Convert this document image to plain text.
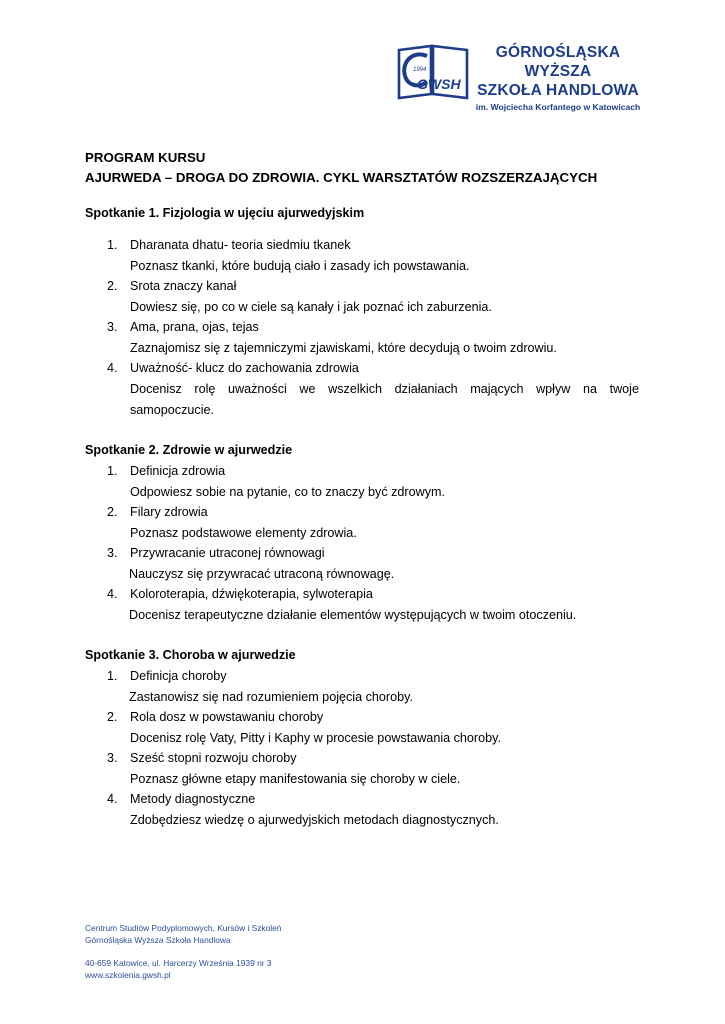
GWSH
1994
GÓRNOŚLĄSKA WYŻSZA
SZKOŁA HANDLOWA
im. Wojciecha Korfantego w Katowicach
PROGRAM KURSU
AJURWEDA – DROGA DO ZDROWIA. CYKL WARSZTATÓW ROZSZERZAJĄCYCH
Spotkanie 1. Fizjologia w ujęciu ajurwedyjskim
1. Dharanata dhatu- teoria siedmiu tkanek
Poznasz tkanki, które budują ciało i zasady ich powstawania.
2. Srota znaczy kanał
Dowiesz się, po co w ciele są kanały i jak poznać ich zaburzenia.
3. Ama, prana, ojas, tejas
Zaznajomisz się z tajemniczymi zjawiskami, które decydują o twoim zdrowiu.
4. Uważność- klucz do zachowania zdrowia
Docenisz rolę uważności we wszelkich działaniach mających wpływ na twoje samopoczucie.
Spotkanie 2. Zdrowie w ajurwedzie
1. Definicja zdrowia
Odpowiesz sobie na pytanie, co to znaczy być zdrowym.
2. Filary zdrowia
Poznasz podstawowe elementy zdrowia.
3. Przywracanie utraconej równowagi
Nauczysz się przywracać utraconą równowagę.
4. Koloroterapia, dźwiękoterapia, sylwoterapia
Docenisz terapeutyczne działanie elementów występujących w twoim otoczeniu.
Spotkanie 3. Choroba w ajurwedzie
1. Definicja choroby
Zastanowisz się nad rozumieniem pojęcia choroby.
2. Rola dosz w powstawaniu choroby
Docenisz rolę Vaty, Pitty i Kaphy w procesie powstawania choroby.
3. Sześć stopni rozwoju choroby
Poznasz główne etapy manifestowania się choroby w ciele.
4. Metody diagnostyczne
Zdobędziesz wiedzę o ajurwedyjskich metodach diagnostycznych.
Centrum Studiów Podyplomowych, Kursów i Szkoleń
Górnośląska Wyższa Szkoła Handlowa
40-659 Katowice, ul. Harcerzy Września 1939 nr 3
www.szkolenia.gwsh.pl
